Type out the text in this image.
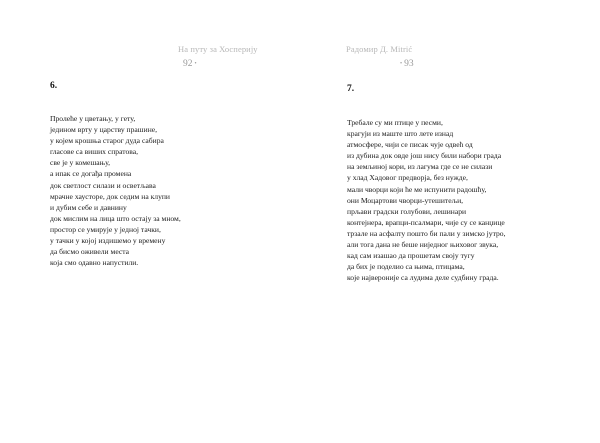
На путу за Хосперију
92 •
6.
Пролеће у цветању, у гету,
једином врту у царству прашине,
у којем крошња старог дуда сабира
гласове са виших спратова,
све је у комешању,
а ипак се догађа промена
док светлост силази и осветљава
мрачне хаусторе, док седим на клупи
и дубим себе и давнину
док мислим на лица што остају за мном,
простор се умирује у једној тачки,
у тачки у којој издишемо у времену
да бисмо оживели места
која смо одавно напустили.
Радомир Д. Мitrić
• 93
7.
Требале су ми птице у песми,
крагуји из маште што лете изнад
атмосфере, чији се писак чује одвећ од
из дубина док овде још нису били набори града
на земљиној кори, из лагума где се не силази
у хлад Хадовог предворја, без нужде,
мали чворци који ће ме испунити радошћу,
они Моцартови чворци-утешитељи,
прљави градски голубови, лешинари
контејнера, врапци-псалмари, чије су се канџице
трзале на асфалту пошто би пали у зимско јутро,
али тога дана не беше ниједног њиховог звука,
кад сам изашао да прошетам своју тугу
да бих је поделио са њима, птицама,
које највероније са лудима деле судбину града.
